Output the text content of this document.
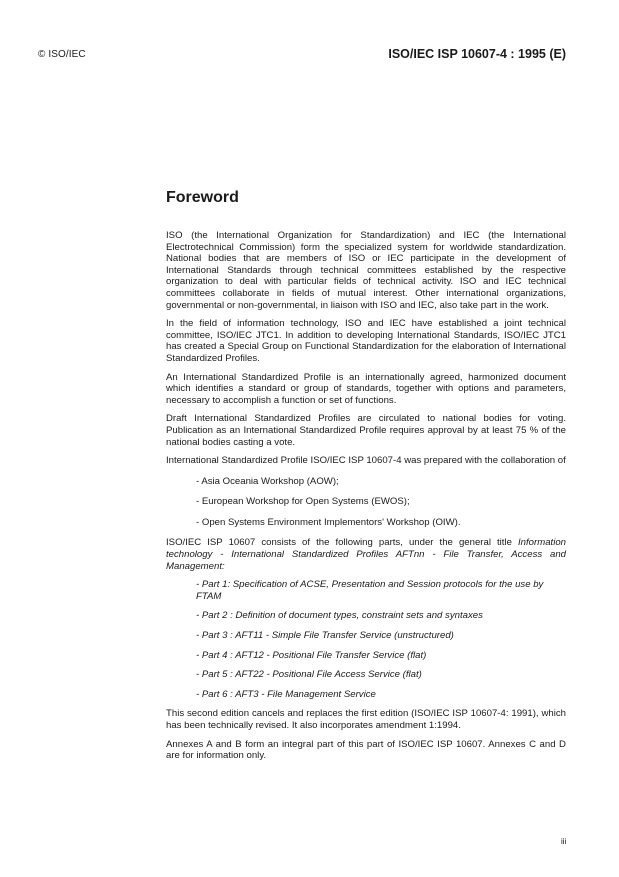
© ISO/IEC	ISO/IEC ISP 10607-4 : 1995 (E)
Foreword

ISO (the International Organization for Standardization) and IEC (the International Electrotechnical Commission) form the specialized system for worldwide standardization. National bodies that are members of ISO or IEC participate in the development of International Standards through technical committees established by the respective organization to deal with particular fields of technical activity. ISO and IEC technical committees collaborate in fields of mutual interest. Other international organizations, governmental or non-governmental, in liaison with ISO and IEC, also take part in the work.

In the field of information technology, ISO and IEC have established a joint technical committee, ISO/IEC JTC1. In addition to developing International Standards, ISO/IEC JTC1 has created a Special Group on Functional Standardization for the elaboration of International Standardized Profiles.

An International Standardized Profile is an internationally agreed, harmonized document which identifies a standard or group of standards, together with options and parameters, necessary to accomplish a function or set of functions.

Draft International Standardized Profiles are circulated to national bodies for voting. Publication as an International Standardized Profile requires approval by at least 75 % of the national bodies casting a vote.

International Standardized Profile ISO/IEC ISP 10607-4 was prepared with the collaboration of

- Asia Oceania Workshop (AOW);
- European Workshop for Open Systems (EWOS);
- Open Systems Environment Implementors' Workshop (OIW).

ISO/IEC ISP 10607 consists of the following parts, under the general title Information technology - International Standardized Profiles AFTnn - File Transfer, Access and Management:

- Part 1: Specification of ACSE, Presentation and Session protocols for the use by FTAM
- Part 2 : Definition of document types, constraint sets and syntaxes
- Part 3 : AFT11 - Simple File Transfer Service (unstructured)
- Part 4 : AFT12 - Positional File Transfer Service (flat)
- Part 5 : AFT22 - Positional File Access Service (flat)
- Part 6 : AFT3 - File Management Service

This second edition cancels and replaces the first edition (ISO/IEC ISP 10607-4: 1991), which has been technically revised. It also incorporates amendment 1:1994.

Annexes A and B form an integral part of this part of ISO/IEC ISP 10607. Annexes C and D are for information only.

iii
